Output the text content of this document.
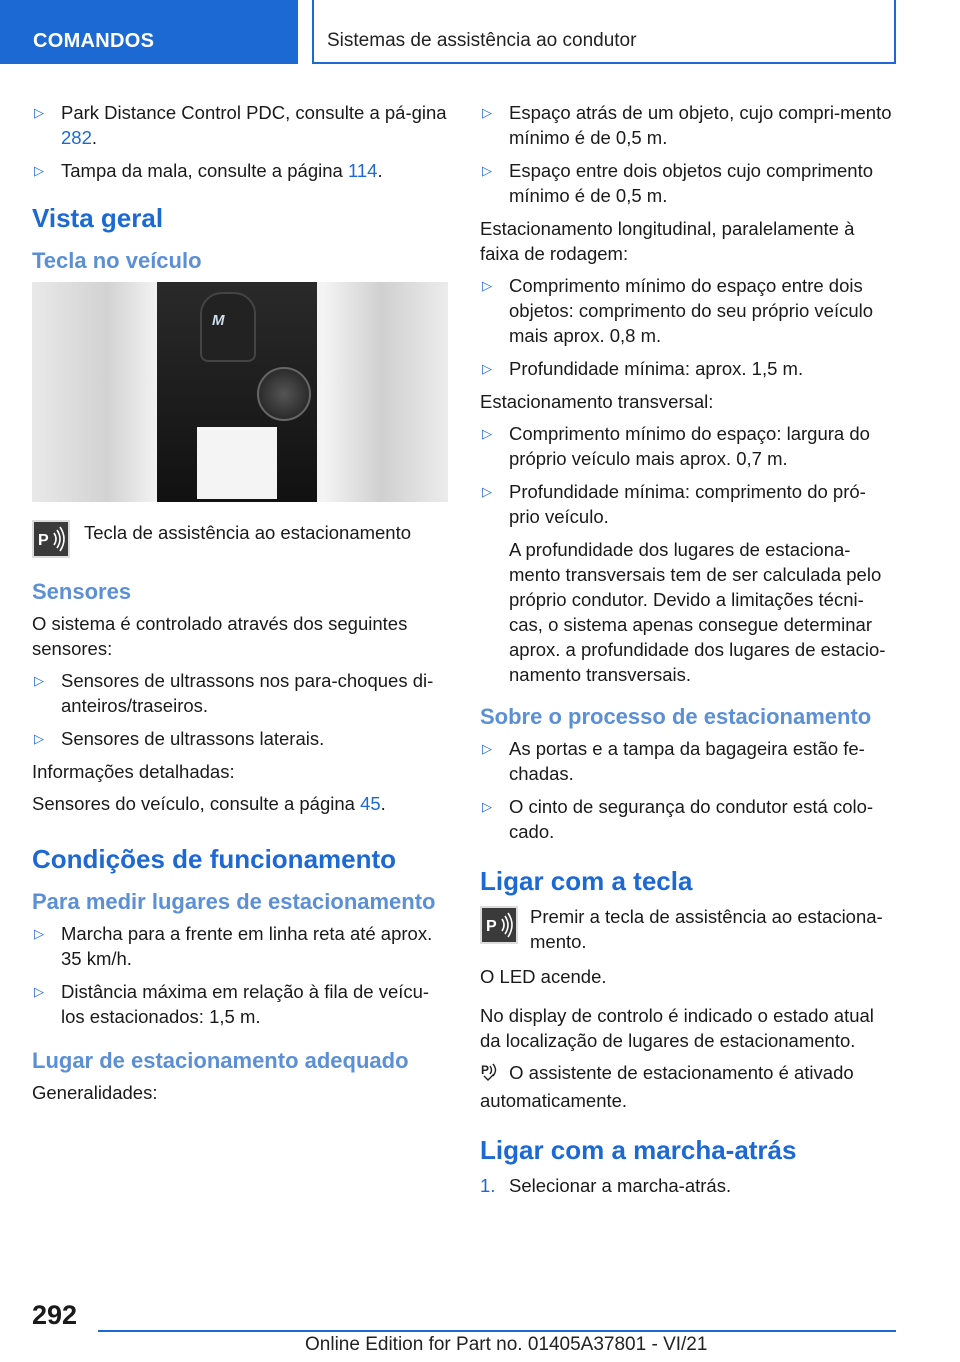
COMANDOS	Sistemas de assistência ao condutor
▷ Park Distance Control PDC, consulte a pá-gina 282.
▷ Tampa da mala, consulte a página 114.
Vista geral
Tecla no veículo
M
P Tecla de assistência ao estacionamento
Sensores

O sistema é controlado através dos seguintes sensores:

▷ Sensores de ultrassons nos para-choques di-anteiros/traseiros.
▷ Sensores de ultrassons laterais.

Informações detalhadas:

Sensores do veículo, consulte a página 45.

Condições de funcionamento
Para medir lugares de estacionamento
▷ Marcha para a frente em linha reta até aprox. 35 km/h.
▷ Distância máxima em relação à fila de veícu-los estacionados: 1,5 m.
Lugar de estacionamento adequado

Generalidades:

▷ Espaço atrás de um objeto, cujo compri-mento mínimo é de 0,5 m.
▷ Espaço entre dois objetos cujo comprimento mínimo é de 0,5 m.

Estacionamento longitudinal, paralelamente à faixa de rodagem:

▷ Comprimento mínimo do espaço entre dois objetos: comprimento do seu próprio veículo mais aprox. 0,8 m.
▷ Profundidade mínima: aprox. 1,5 m.

Estacionamento transversal:

▷ Comprimento mínimo do espaço: largura do próprio veículo mais aprox. 0,7 m.
▷ Profundidade mínima: comprimento do pró-prio veículo.
A profundidade dos lugares de estaciona-mento transversais tem de ser calculada pelo próprio condutor. Devido a limitações técni-cas, o sistema apenas consegue determinar aprox. a profundidade dos lugares de estacio-namento transversais.
Sobre o processo de estacionamento
▷ As portas e a tampa da bagageira estão fe-chadas.
▷ O cinto de segurança do condutor está colo-cado.
Ligar com a tecla
P Premir a tecla de assistência ao estaciona-mento.

O LED acende.

No display de controlo é indicado o estado atual da localização de lugares de estacionamento.

P O assistente de estacionamento é ativado automaticamente.

Ligar com a marcha-atrás
1. Selecionar a marcha-atrás.
292
Online Edition for Part no. 01405A37801 - VI/21
